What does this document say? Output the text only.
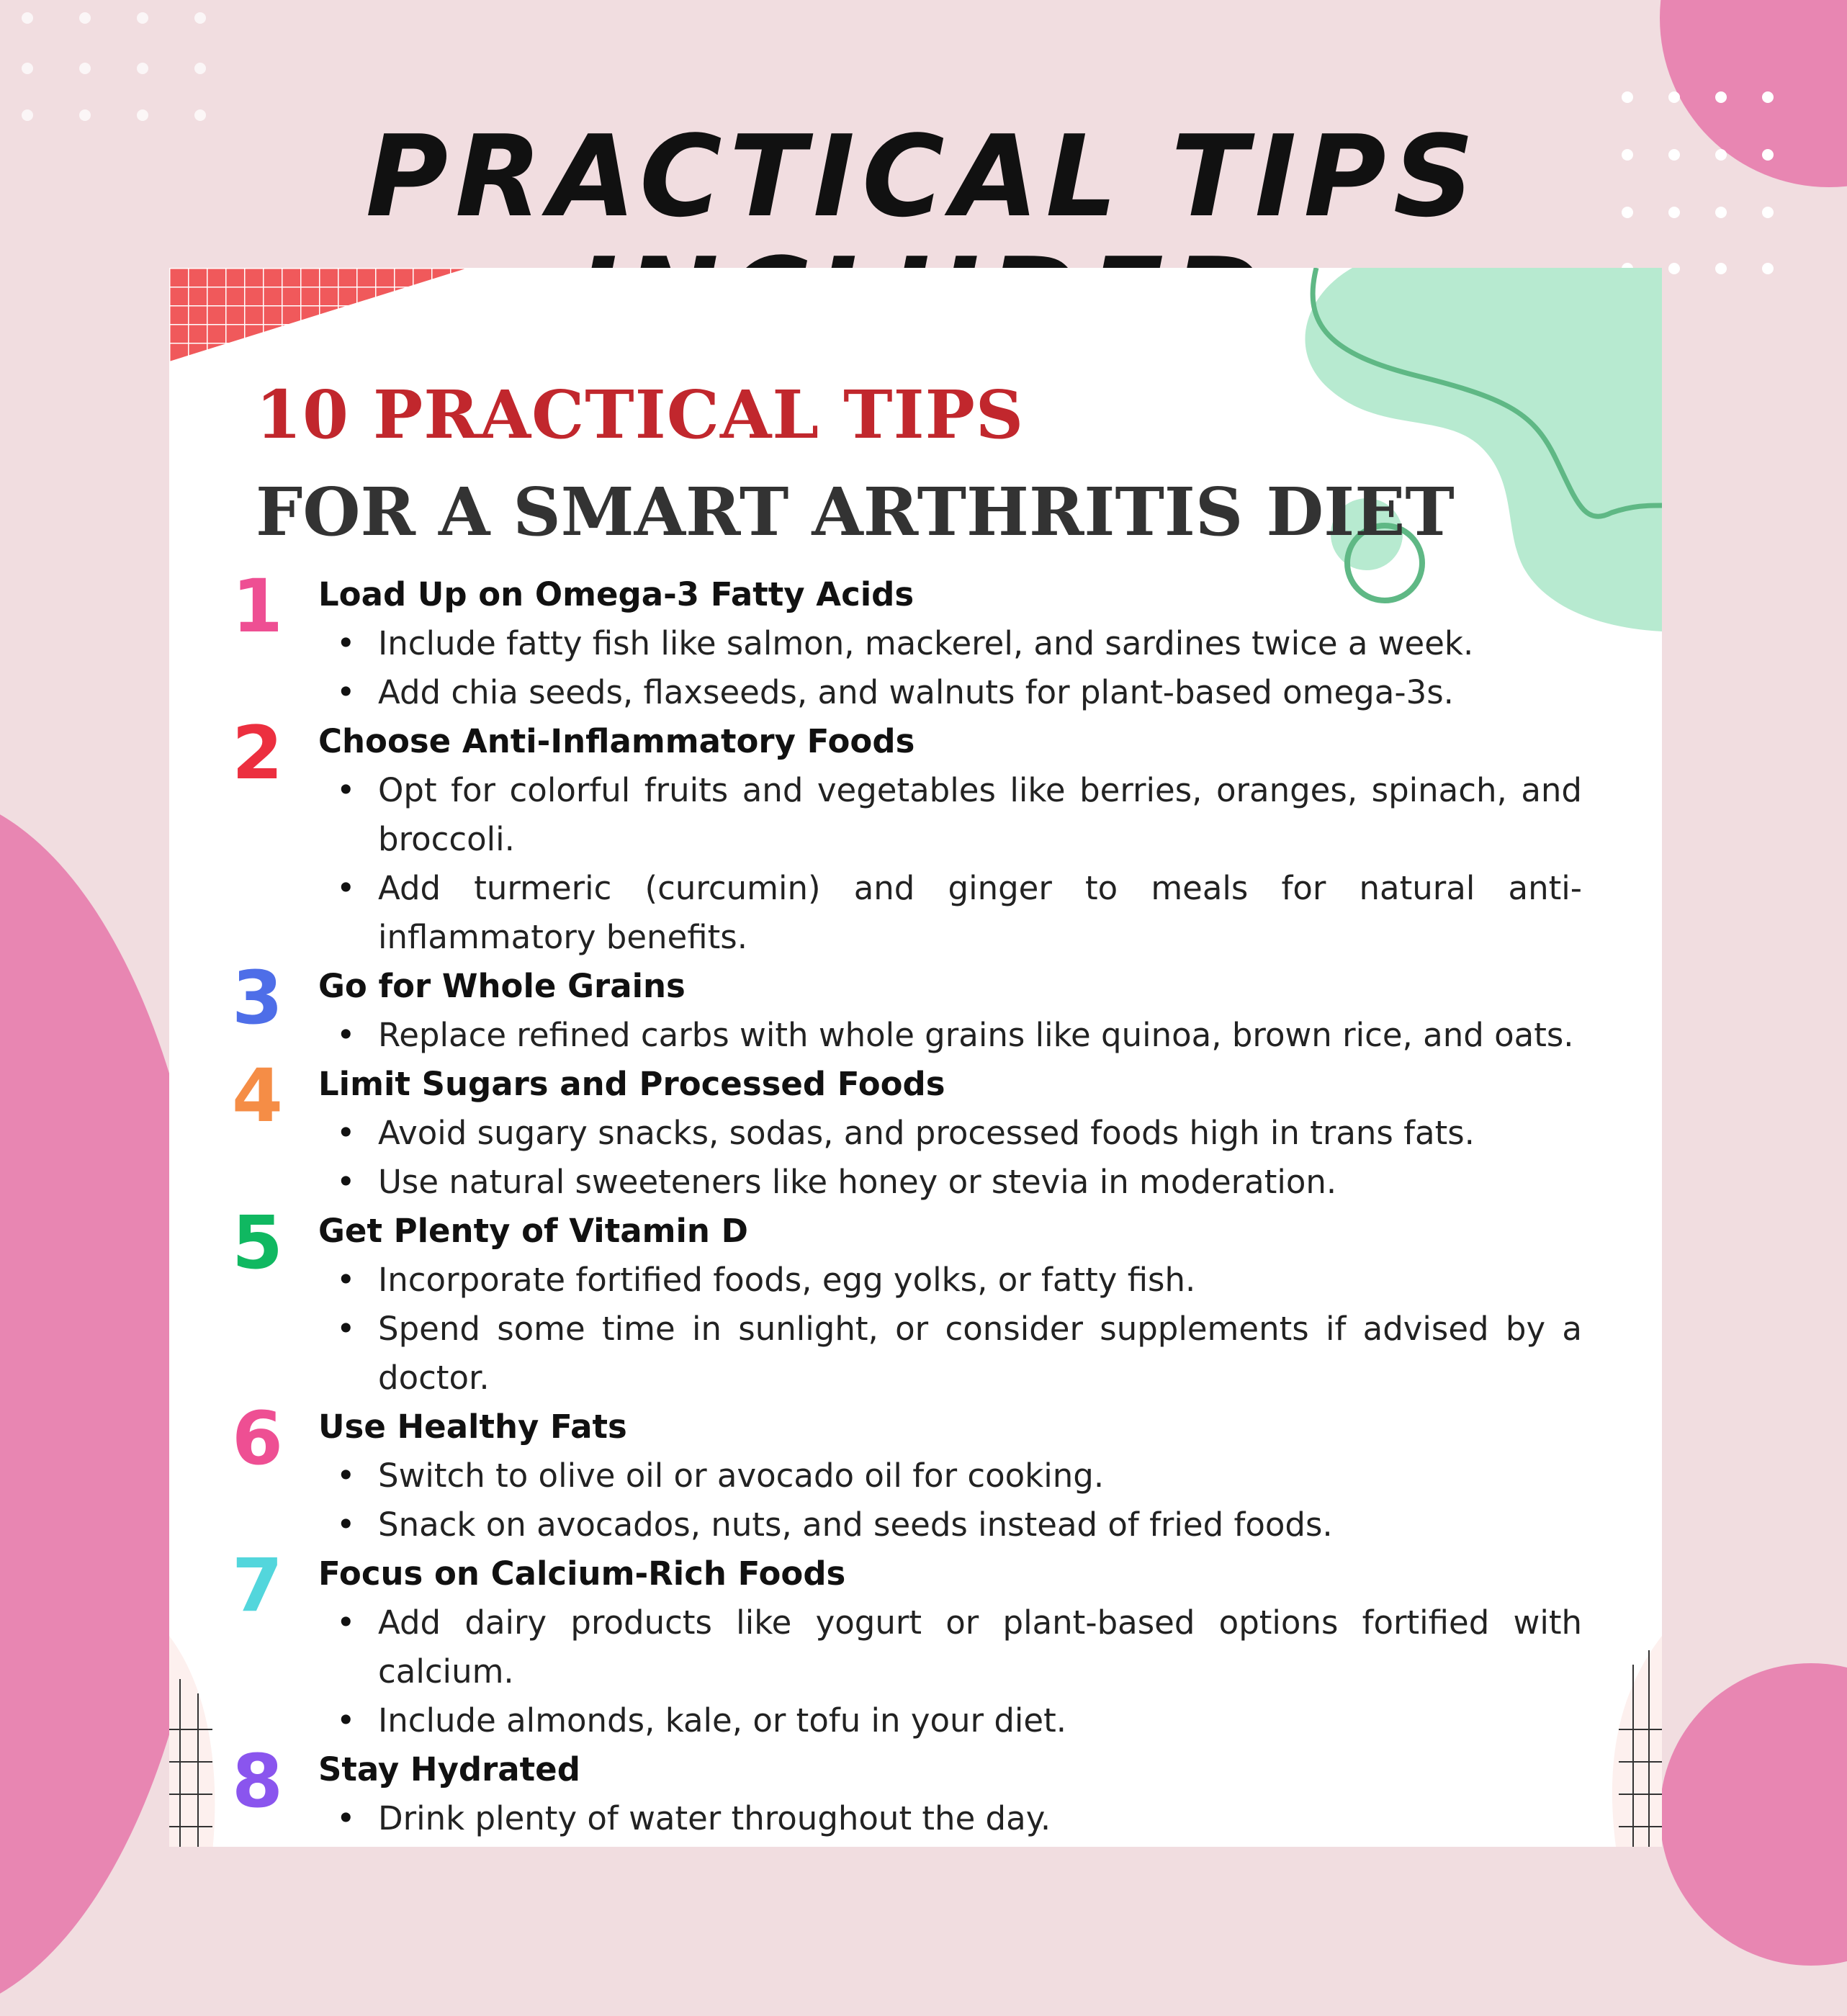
PRACTICAL TIPS
10 PRACTICAL TIPS
FOR A SMART ARTHRITIS DIET
1	Load Up on Omega-3 Fatty Acids
• Include fatty fish like salmon, mackerel, and sardines twice a week.
• Add chia seeds, flaxseeds, and walnuts for plant-based omega-3s.
2	Choose Anti-Inflammatory Foods
• Opt for colorful fruits and vegetables like berries, oranges, spinach, and broccoli.
• Add turmeric (curcumin) and ginger to meals for natural anti-inflammatory benefits.
3	Go for Whole Grains
• Replace refined carbs with whole grains like quinoa, brown rice, and oats.
4	Limit Sugars and Processed Foods
• Avoid sugary snacks, sodas, and processed foods high in trans fats.
• Use natural sweeteners like honey or stevia in moderation.
5	Get Plenty of Vitamin D
• Incorporate fortified foods, egg yolks, or fatty fish.
• Spend some time in sunlight, or consider supplements if advised by a doctor.
6	Use Healthy Fats
• Switch to olive oil or avocado oil for cooking.
• Snack on avocados, nuts, and seeds instead of fried foods.
7	Focus on Calcium-Rich Foods
• Add dairy products like yogurt or plant-based options fortified with calcium.
• Include almonds, kale, or tofu in your diet.
8	Stay Hydrated
• Drink plenty of water throughout the day.
